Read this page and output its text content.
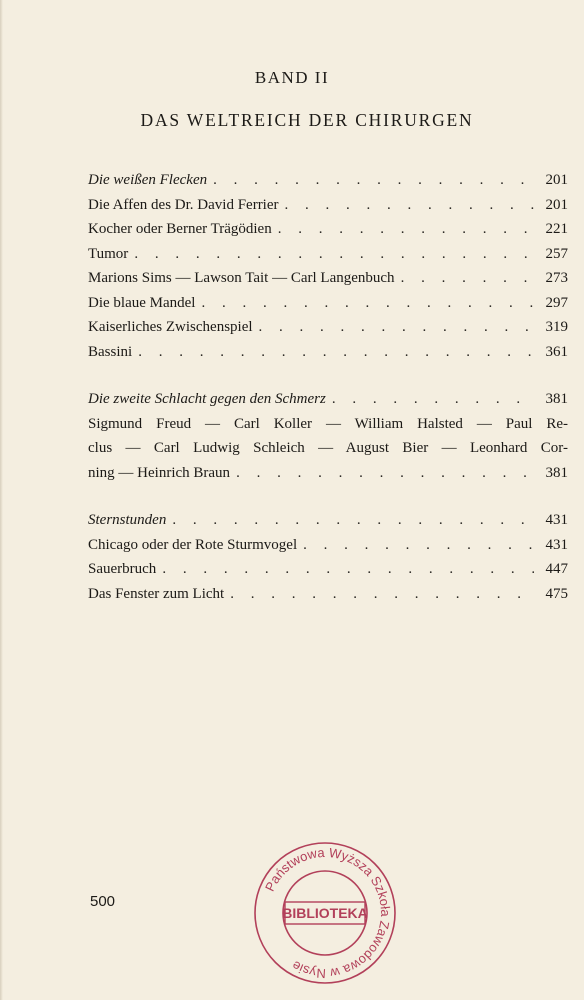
BAND II
DAS WELTREICH DER CHIRURGEN
Die weißen Flecken . . .	201
Die Affen des Dr. David Ferrier . . .	201
Kocher oder Berner Trägödien . . .	221
Tumor . . .	257
Marions Sims — Lawson Tait — Carl Langenbuch . . .	273
Die blaue Mandel . . .	297
Kaiserliches Zwischenspiel . . .	319
Bassini . . .	361
Die zweite Schlacht gegen den Schmerz . . .	381
Sigmund Freud — Carl Koller — William Halsted — Paul Re-
clus — Carl Ludwig Schleich — August Bier — Leonhard Cor-
ning — Heinrich Braun . . .	381
Sternstunden . . .	431
Chicago oder der Rote Sturmvogel . . .	431
Sauerbruch . . .	447
Das Fenster zum Licht . . .	475
500
Państwowa Wyższa Szkoła Zawodowa w Nysie
BIBLIOTEKA
